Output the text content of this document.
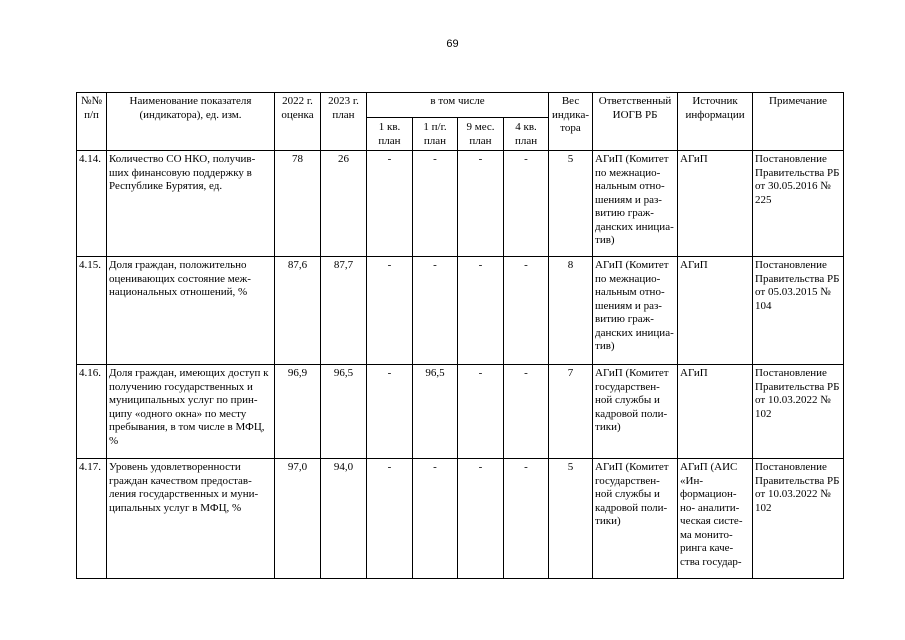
69
№№ п/п	Наименование показателя (индикатора), ед. изм.	2022 г. оценка	2023 г. план	в том числе				Вес индика-тора	Ответственный ИОГВ РБ	Источник информации	Примечание
				1 кв. план	1 п/г. план	9 мес. план	4 кв. план				
4.14.	Количество СО НКО, получив-ших финансовую поддержку в Республике Бурятия, ед.	78	26	-	-	-	-	5	АГиП (Комитет по межнацио-нальным отно-шениям и раз-витию граж-данских инициа-тив)	АГиП	Постановление Правительства РБ от 30.05.2016 № 225
4.15.	Доля граждан, положительно оценивающих состояние меж-национальных отношений, %	87,6	87,7	-	-	-	-	8	АГиП (Комитет по межнацио-нальным отно-шениям и раз-витию граж-данских инициа-тив)	АГиП	Постановление Правительства РБ от 05.03.2015 № 104
4.16.	Доля граждан, имеющих доступ к получению государственных и муниципальных услуг по прин-ципу «одного окна» по месту пребывания, в том числе в МФЦ, %	96,9	96,5	-	96,5	-	-	7	АГиП (Комитет государствен-ной службы и кадровой поли-тики)	АГиП	Постановление Правительства РБ от 10.03.2022 № 102
4.17.	Уровень удовлетворенности граждан качеством предостав-ления государственных и муни-ципальных услуг в МФЦ, %	97,0	94,0	-	-	-	-	5	АГиП (Комитет государствен-ной службы и кадровой поли-тики)	АГиП (АИС «Ин-формацион-но- аналити-ческая систе-ма монито-ринга каче-ства государ-	Постановление Правительства РБ от 10.03.2022 № 102
